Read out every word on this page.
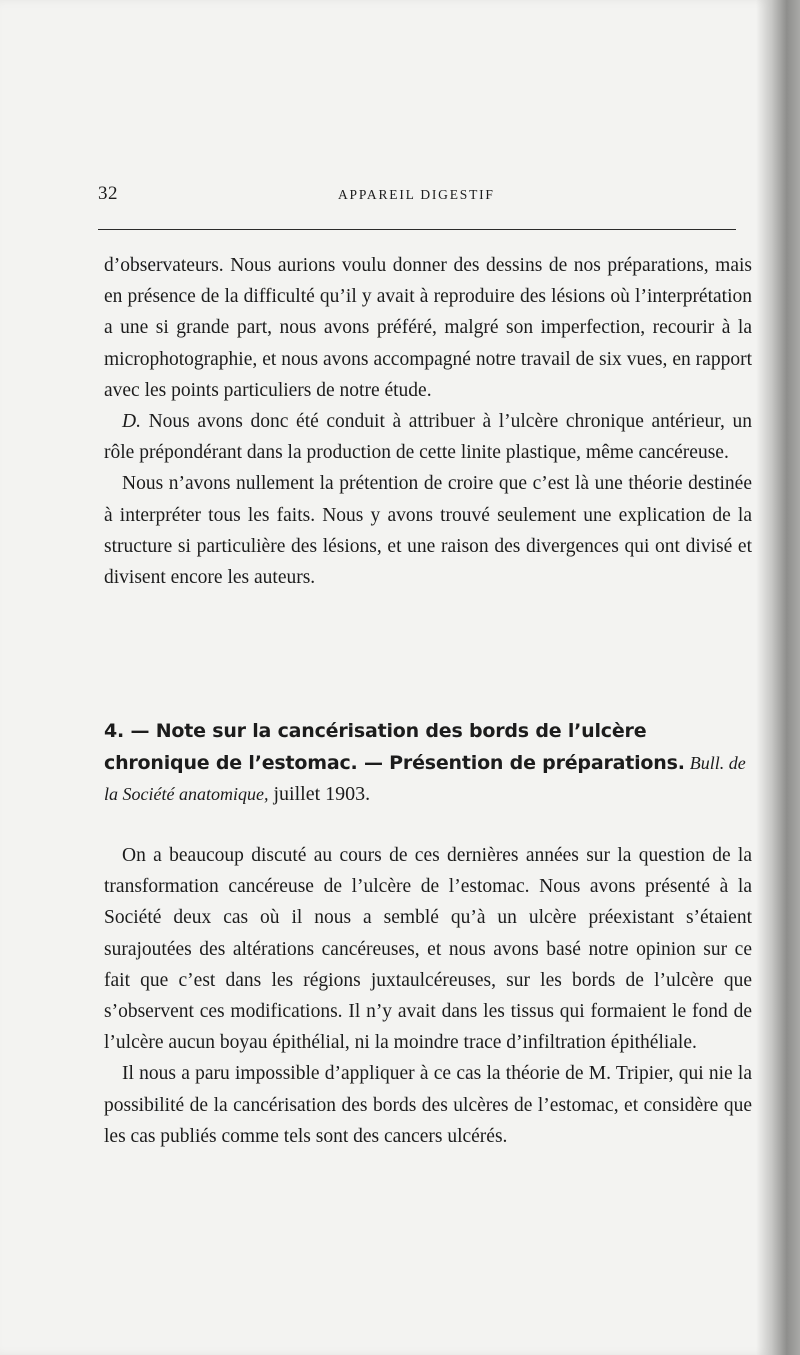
32	APPAREIL DIGESTIF

d’observateurs. Nous aurions voulu donner des dessins de nos préparations, mais en présence de la difficulté qu’il y avait à reproduire des lésions où l’interprétation a une si grande part, nous avons préféré, malgré son imperfection, recourir à la microphotographie, et nous avons accompagné notre travail de six vues, en rapport avec les points particuliers de notre étude.

D. Nous avons donc été conduit à attribuer à l’ulcère chronique antérieur, un rôle prépondérant dans la production de cette linite plastique, même cancéreuse.

Nous n’avons nullement la prétention de croire que c’est là une théorie destinée à interpréter tous les faits. Nous y avons trouvé seulement une explication de la structure si particulière des lésions, et une raison des divergences qui ont divisé et divisent encore les auteurs.

4. — Note sur la cancérisation des bords de l’ulcère chronique de l’estomac. — Présention de préparations. Bull. de la Société anatomique, juillet 1903.

On a beaucoup discuté au cours de ces dernières années sur la question de la transformation cancéreuse de l’ulcère de l’estomac. Nous avons présenté à la Société deux cas où il nous a semblé qu’à un ulcère préexistant s’étaient surajoutées des altérations cancéreuses, et nous avons basé notre opinion sur ce fait que c’est dans les régions juxtaulcéreuses, sur les bords de l’ulcère que s’observent ces modifications. Il n’y avait dans les tissus qui formaient le fond de l’ulcère aucun boyau épithélial, ni la moindre trace d’infiltration épithéliale.

Il nous a paru impossible d’appliquer à ce cas la théorie de M. Tripier, qui nie la possibilité de la cancérisation des bords des ulcères de l’estomac, et considère que les cas publiés comme tels sont des cancers ulcérés.
